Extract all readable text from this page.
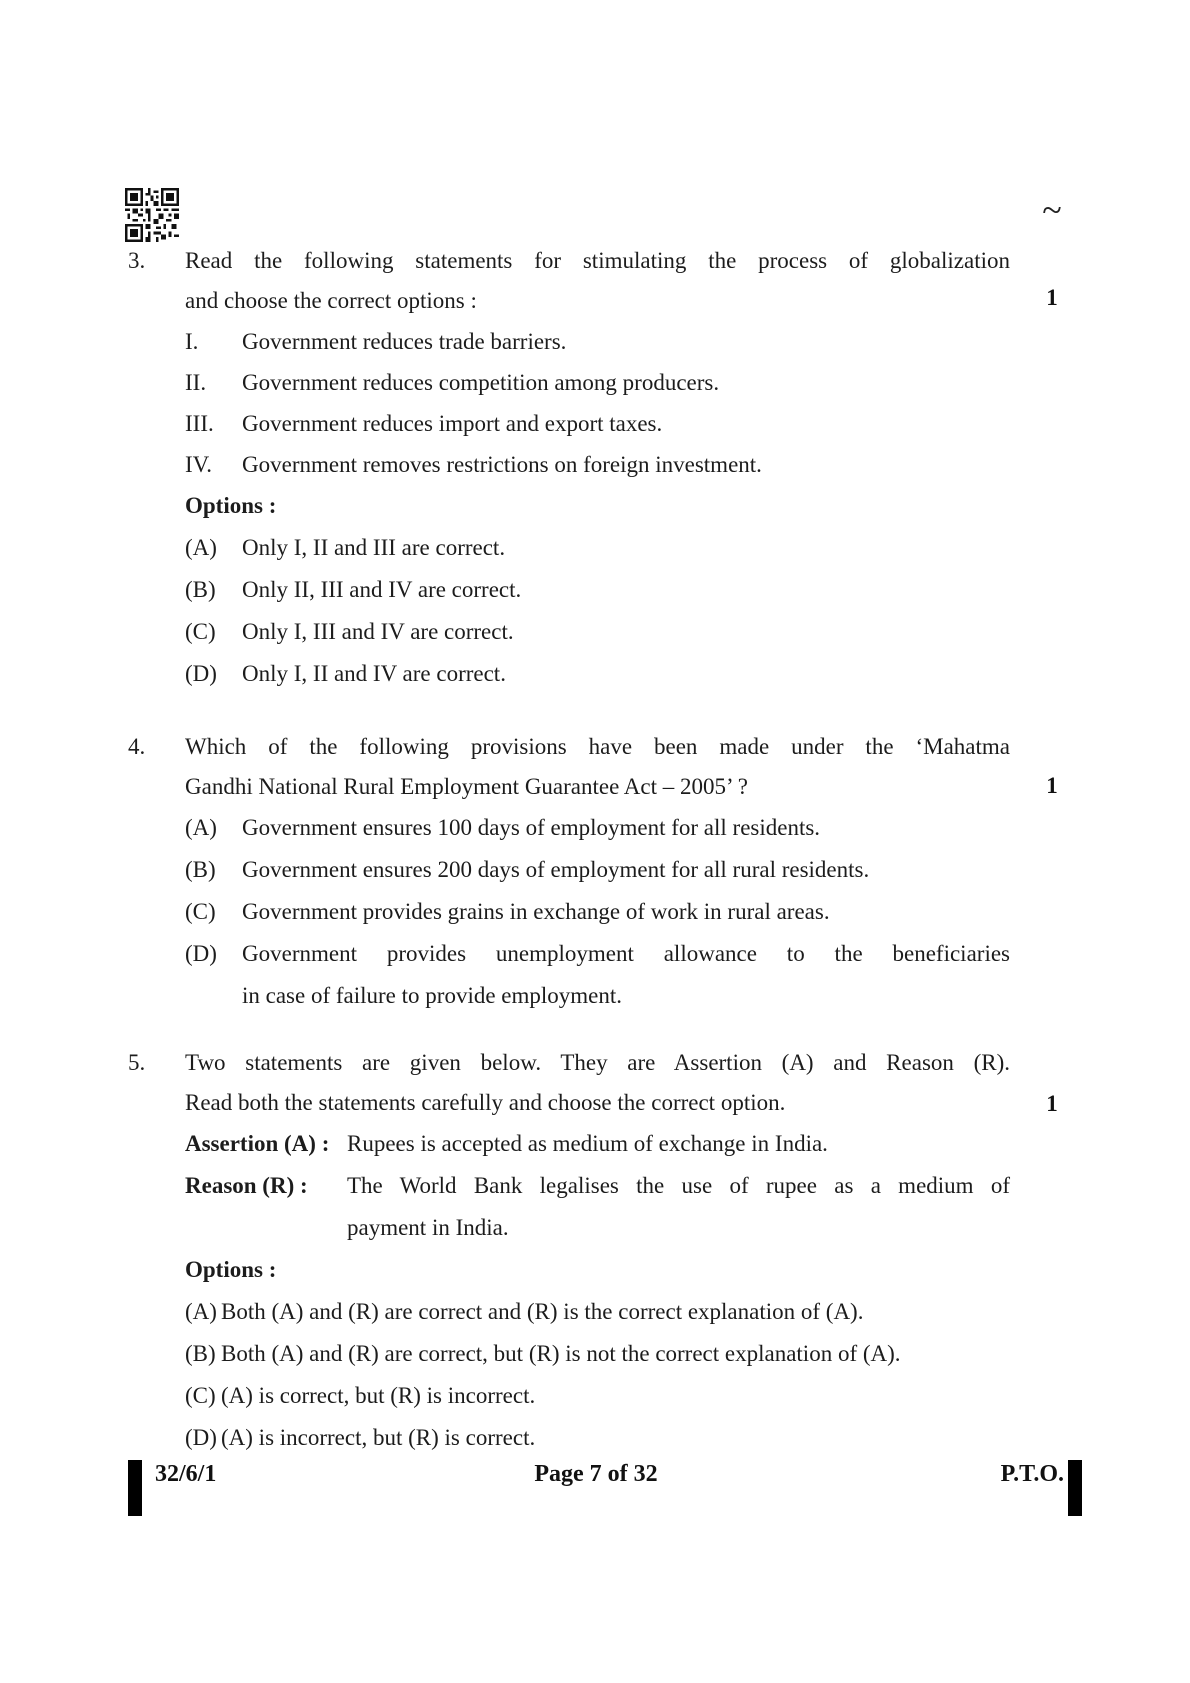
~
3.	Read the following statements for stimulating the process of globalization
and choose the correct options :
I.	Government reduces trade barriers.
II.	Government reduces competition among producers.
III.	Government reduces import and export taxes.
IV.	Government removes restrictions on foreign investment.
Options :
(A)	Only I, II and III are correct.
(B)	Only II, III and IV are correct.
(C)	Only I, III and IV are correct.
(D)	Only I, II and IV are correct.
1
4.	Which of the following provisions have been made under the ‘Mahatma
Gandhi National Rural Employment Guarantee Act – 2005’ ?
(A)	Government ensures 100 days of employment for all residents.
(B)	Government ensures 200 days of employment for all rural residents.
(C)	Government provides grains in exchange of work in rural areas.
(D)	Government provides unemployment allowance to the beneficiaries
in case of failure to provide employment.
1
5.	Two statements are given below. They are Assertion (A) and Reason (R).
Read both the statements carefully and choose the correct option.
Assertion (A) : Rupees is accepted as medium of exchange in India.
Reason (R) :	The World Bank legalises the use of rupee as a medium of
payment in India.
Options :
(A) Both (A) and (R) are correct and (R) is the correct explanation of (A).
(B) Both (A) and (R) are correct, but (R) is not the correct explanation of (A).
(C) (A) is correct, but (R) is incorrect.
(D) (A) is incorrect, but (R) is correct.
1
32/6/1	Page 7 of 32	P.T.O.
